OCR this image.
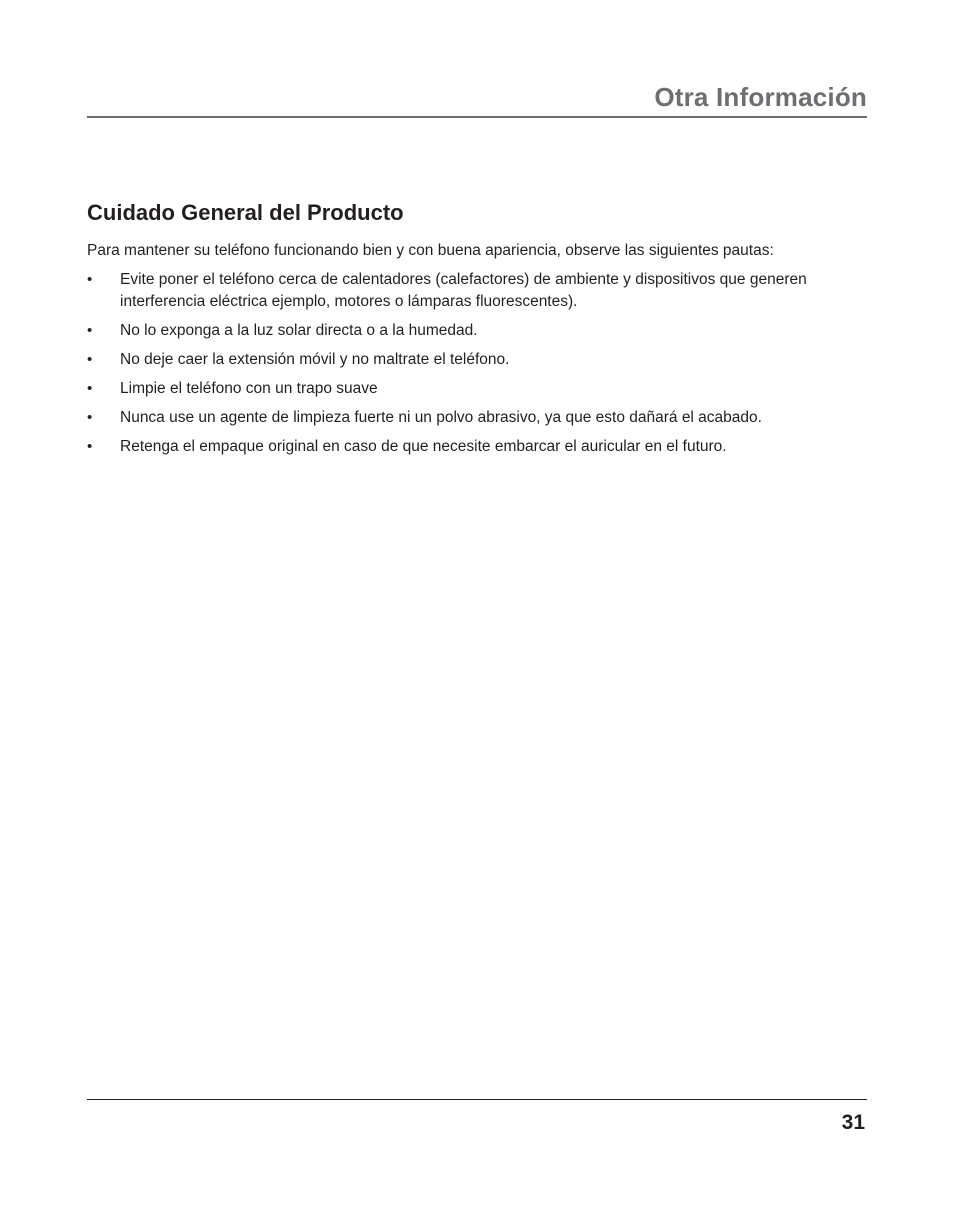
Otra Información
Cuidado General del Producto
Para mantener su teléfono funcionando bien y con buena apariencia, observe las siguientes pautas:
•	Evite poner el teléfono cerca de calentadores (calefactores) de ambiente y dispositivos que generen interferencia eléctrica ejemplo, motores o lámparas fluorescentes).
•	No lo exponga a la luz solar directa o a la humedad.
•	No deje caer la extensión móvil y no maltrate el teléfono.
•	Limpie el teléfono con un trapo suave
•	Nunca use un agente de limpieza fuerte ni un polvo abrasivo, ya que esto dañará el acabado.
•	Retenga el empaque original en caso de que necesite embarcar el auricular en el futuro.
31
